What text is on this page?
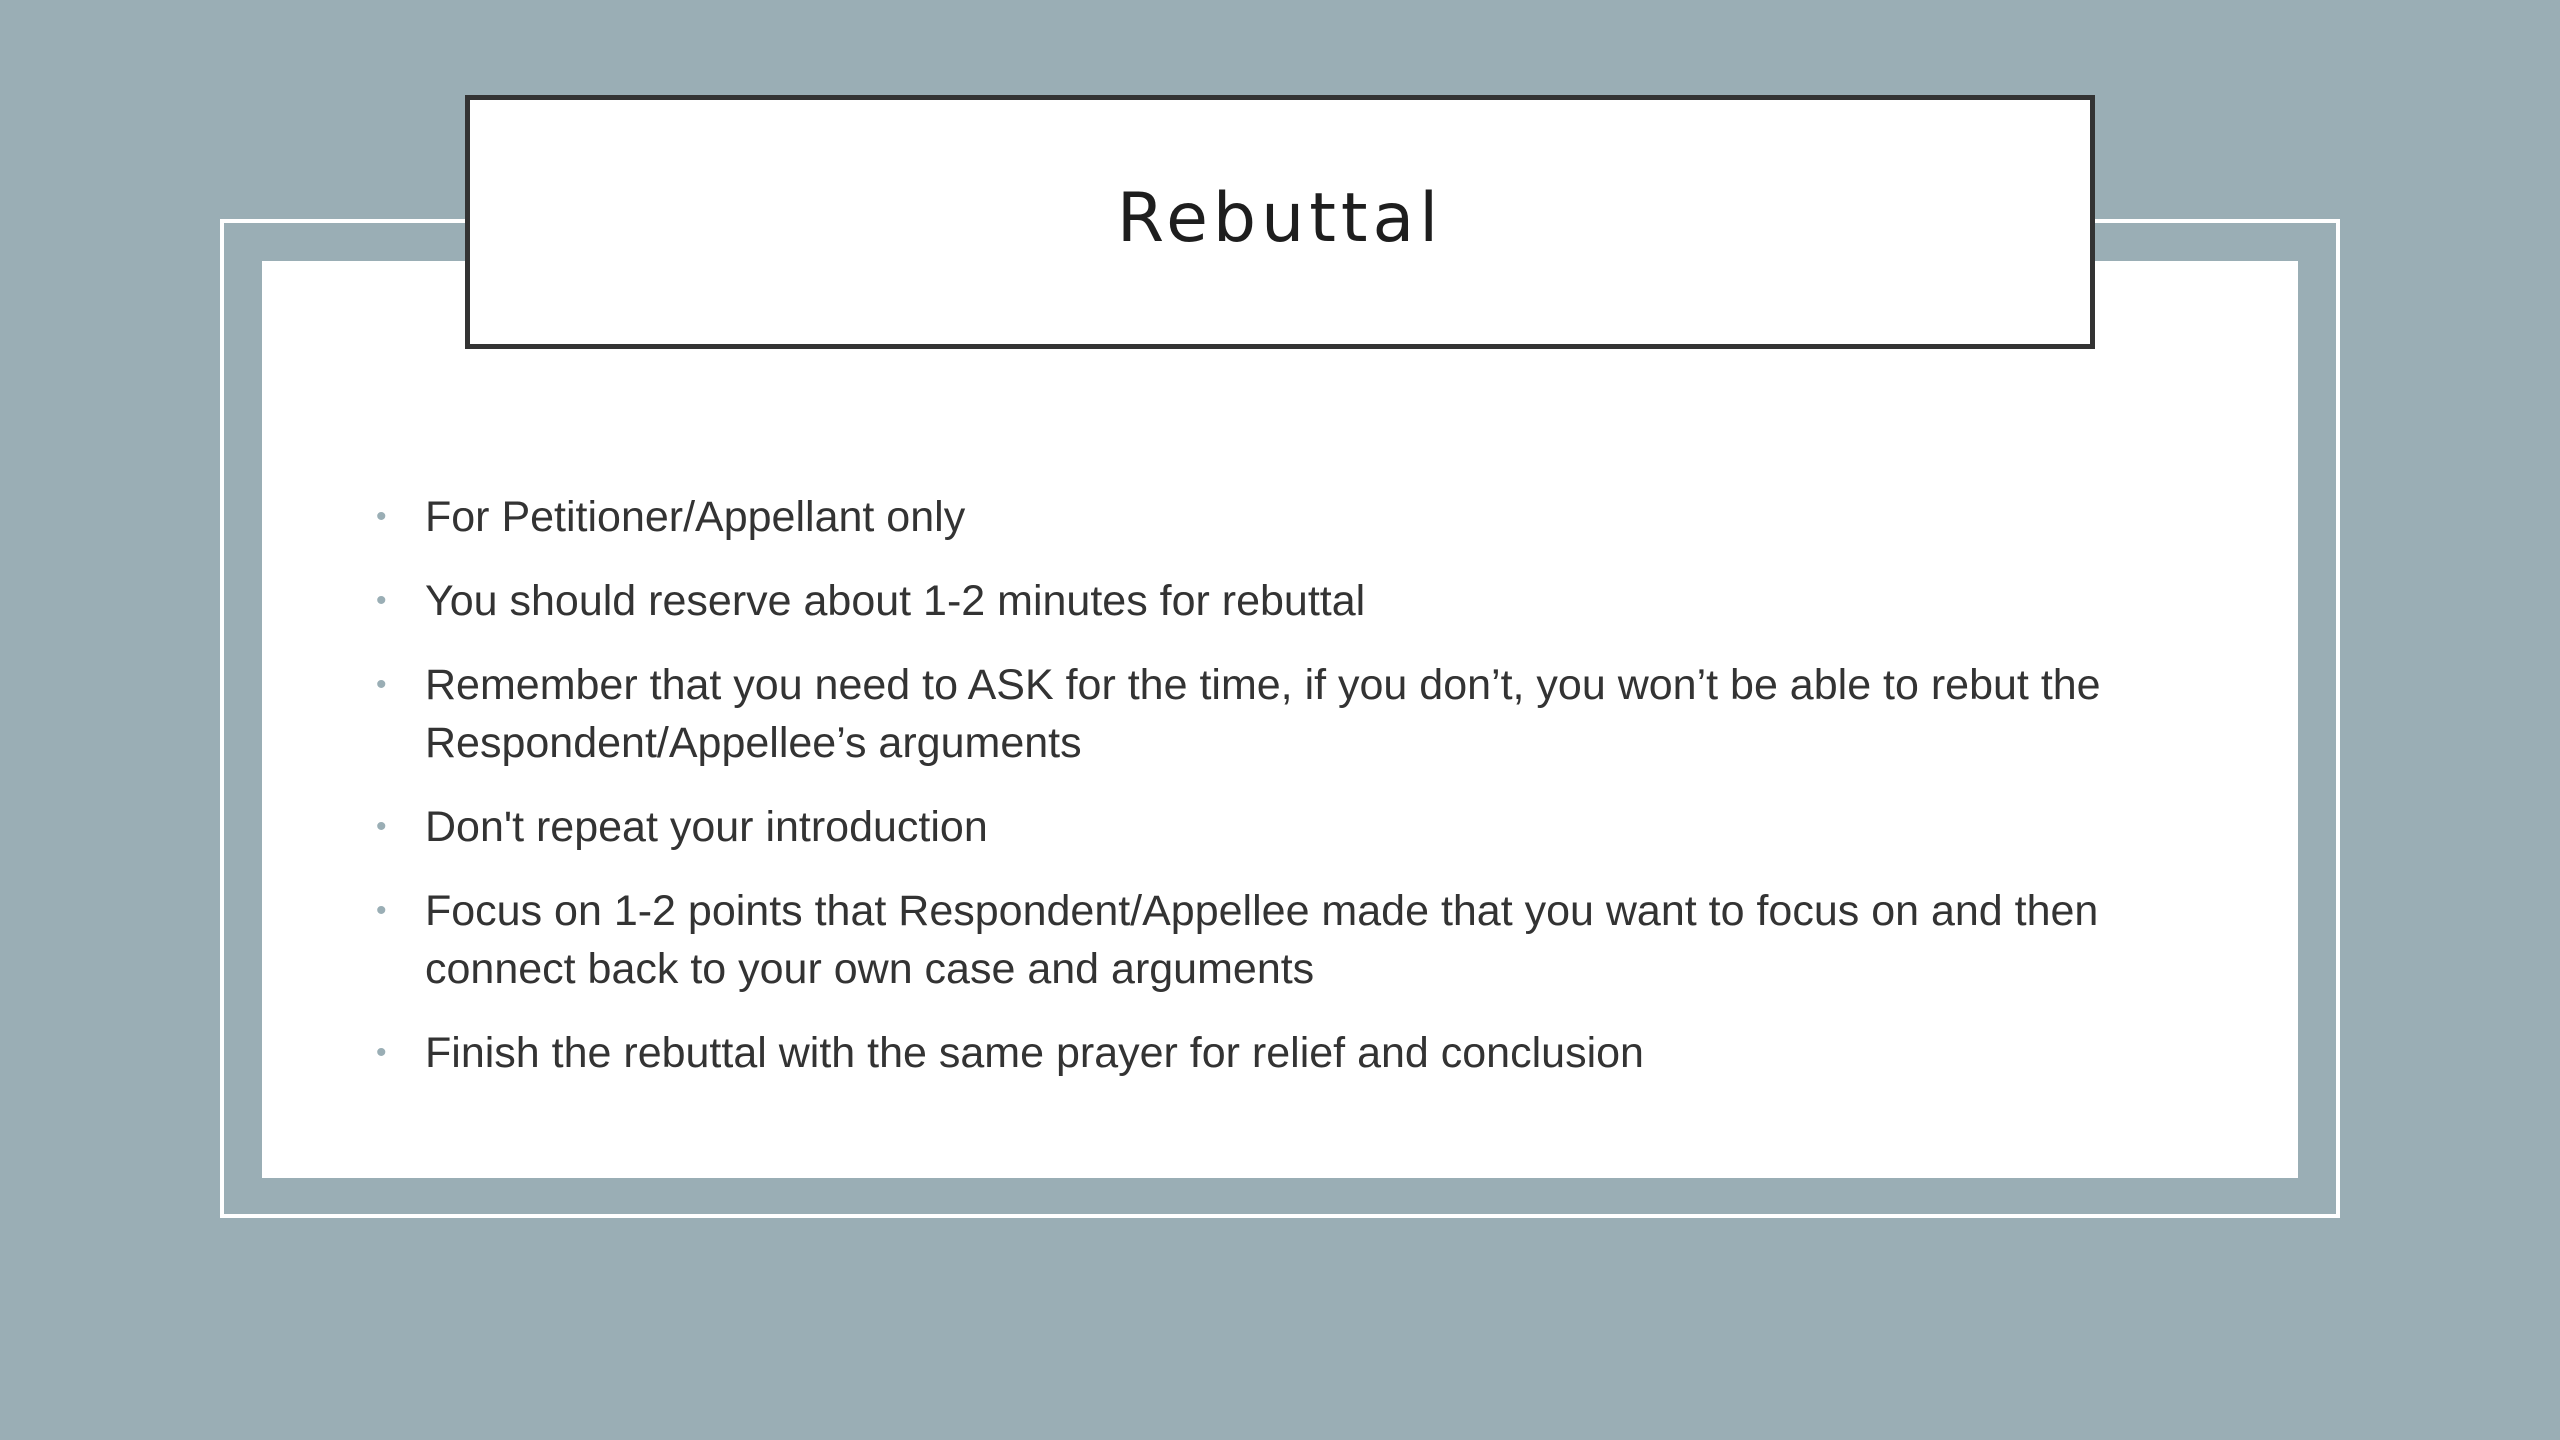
Rebuttal
• For Petitioner/Appellant only
• You should reserve about 1-2 minutes for rebuttal
• Remember that you need to ASK for the time, if you don’t, you won’t be able to rebut the Respondent/Appellee’s arguments
• Don't repeat your introduction
• Focus on 1-2 points that Respondent/Appellee made that you want to focus on and then connect back to your own case and arguments
• Finish the rebuttal with the same prayer for relief and conclusion
